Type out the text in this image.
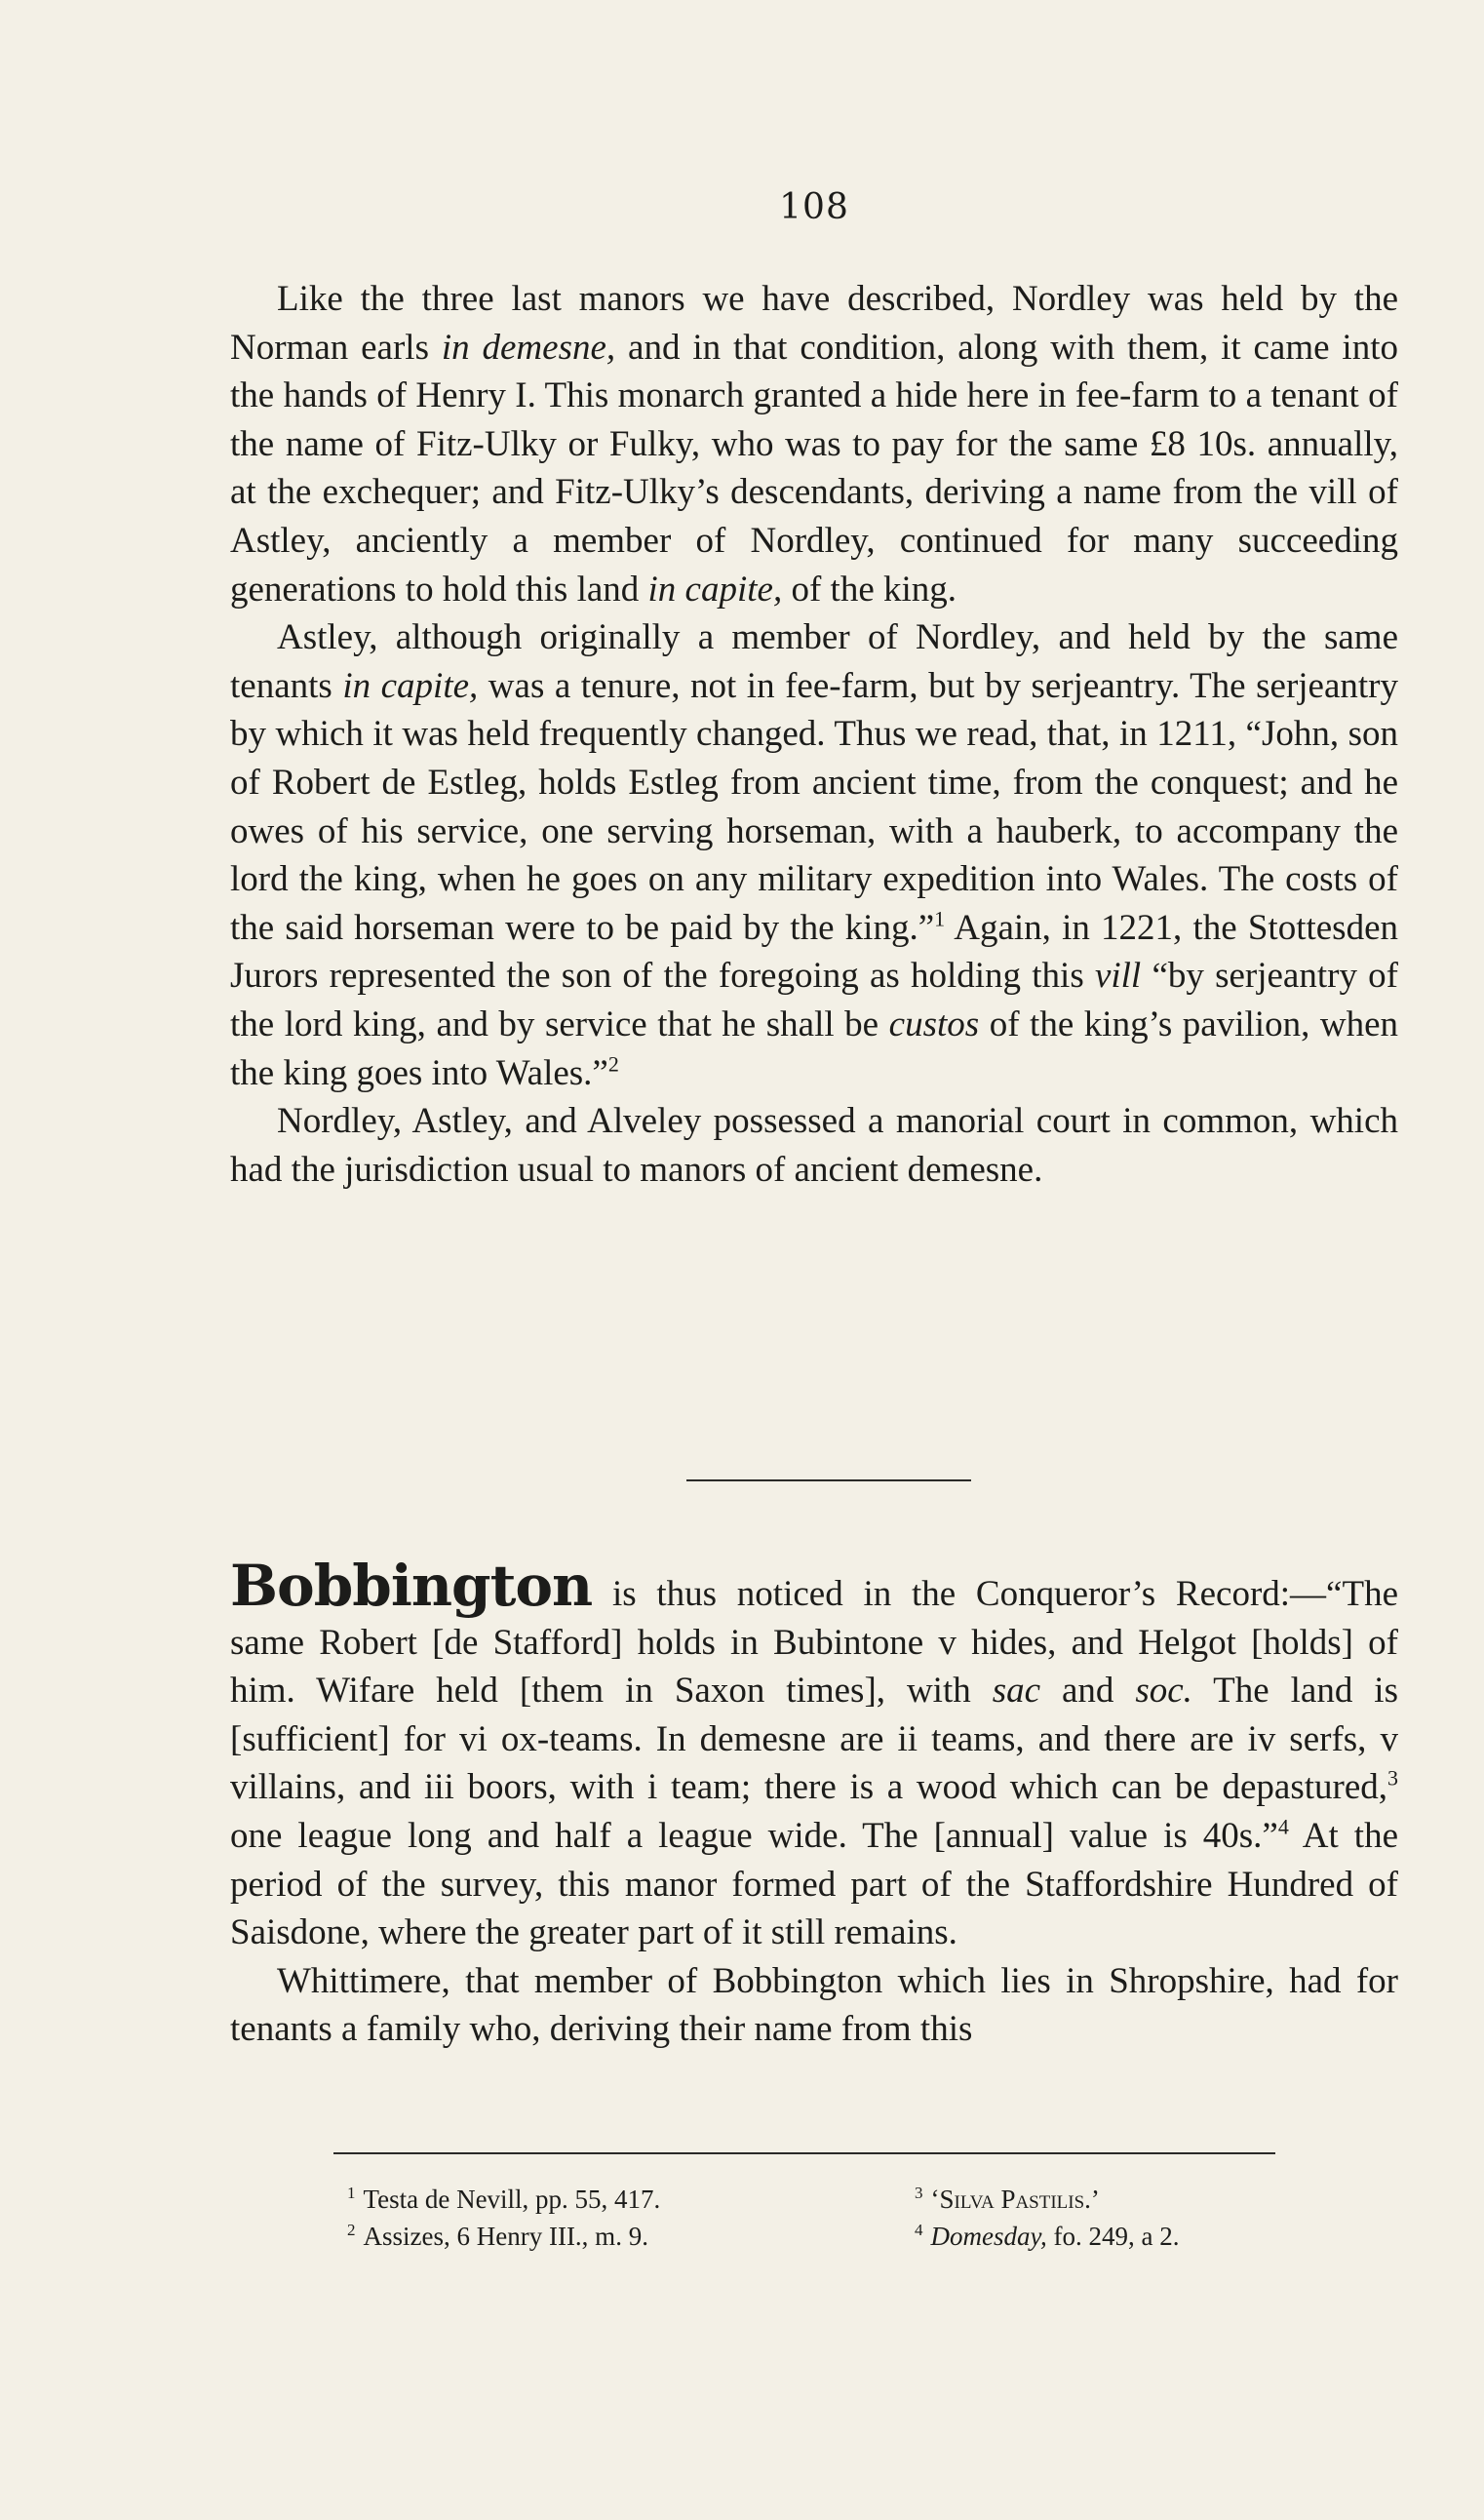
108

Like the three last manors we have described, Nordley was held by the Norman earls in demesne, and in that condition, along with them, it came into the hands of Henry I. This monarch granted a hide here in fee-farm to a tenant of the name of Fitz-Ulky or Fulky, who was to pay for the same £8 10s. annually, at the exchequer; and Fitz-Ulky’s descendants, deriving a name from the vill of Astley, anciently a member of Nordley, continued for many succeeding generations to hold this land in capite, of the king.

Astley, although originally a member of Nordley, and held by the same tenants in capite, was a tenure, not in fee-farm, but by serjeantry. The serjeantry by which it was held frequently changed. Thus we read, that, in 1211, “John, son of Robert de Estleg, holds Estleg from ancient time, from the conquest; and he owes of his service, one serving horseman, with a hauberk, to accompany the lord the king, when he goes on any military expedition into Wales. The costs of the said horseman were to be paid by the king.”$^1$ Again, in 1221, the Stottesden Jurors represented the son of the foregoing as holding this vill “by serjeantry of the lord king, and by service that he shall be custos of the king’s pavilion, when the king goes into Wales.”$^2$

Nordley, Astley, and Alveley possessed a manorial court in common, which had the jurisdiction usual to manors of ancient demesne.

Bobbington is thus noticed in the Conqueror’s Record:—“The same Robert [de Stafford] holds in Bubintone v hides, and Helgot [holds] of him. Wifare held [them in Saxon times], with sac and soc. The land is [sufficient] for vi ox-teams. In demesne are ii teams, and there are iv serfs, v villains, and iii boors, with i team; there is a wood which can be depastured,$^3$ one league long and half a league wide. The [annual] value is 40s.”$^4$ At the period of the survey, this manor formed part of the Staffordshire Hundred of Saisdone, where the greater part of it still remains.

Whittimere, that member of Bobbington which lies in Shropshire, had for tenants a family who, deriving their name from this

$^1$ Testa de Nevill, pp. 55, 417.
$^2$ Assizes, 6 Henry III., m. 9.
$^3$ ‘Silva Pastilis.’
$^4$ Domesday, fo. 249, a 2.
